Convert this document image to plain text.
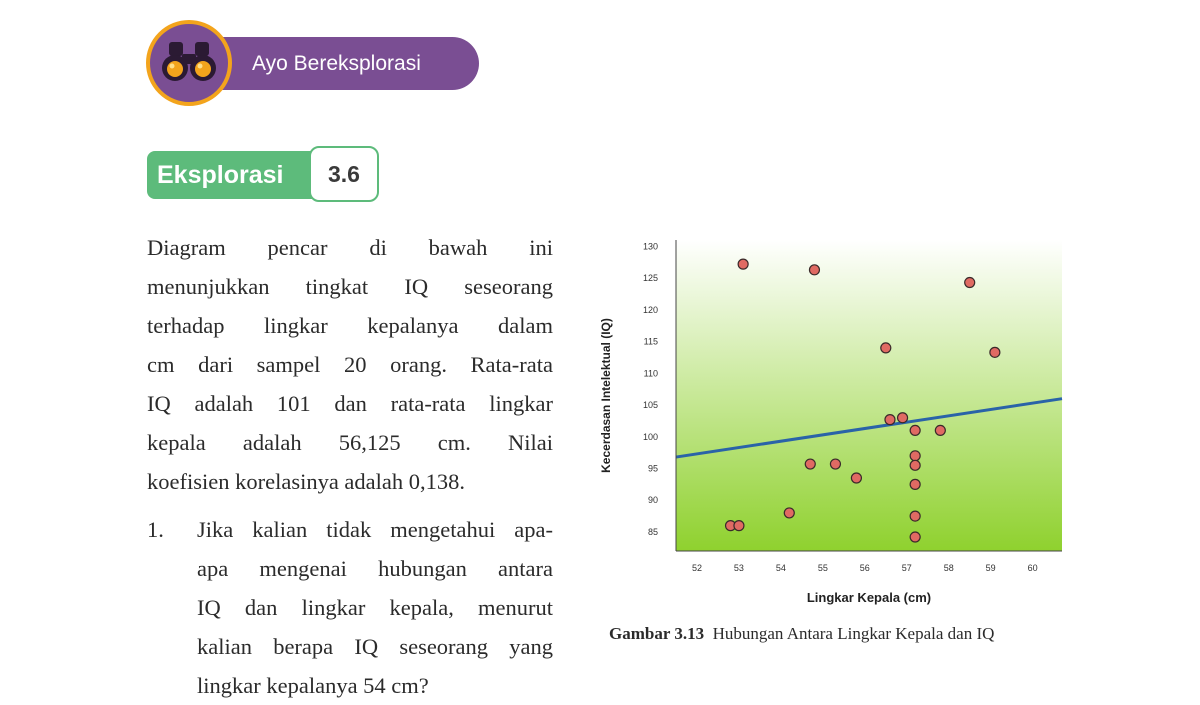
Ayo Bereksplorasi
Eksplorasi	3.6

Diagram pencar di bawah ini

menunjukkan tingkat IQ seseorang

terhadap lingkar kepalanya dalam

cm dari sampel 20 orang. Rata-rata

IQ adalah 101 dan rata-rata lingkar

kepala adalah 56,125 cm. Nilai

koefisien korelasinya adalah 0,138.

1. Jika kalian tidak mengetahui apa-

apa mengenai hubungan antara

IQ dan lingkar kepala, menurut

kalian berapa IQ seseorang yang

lingkar kepalanya 54 cm?
85
90
95
100
105
110
115
120
125
130
52	53	54	55	56	57	58	59	60
Lingkar Kepala (cm)
Kecerdasan Intelektual (IQ)
Gambar 3.13 Hubungan Antara Lingkar Kepala dan IQ
